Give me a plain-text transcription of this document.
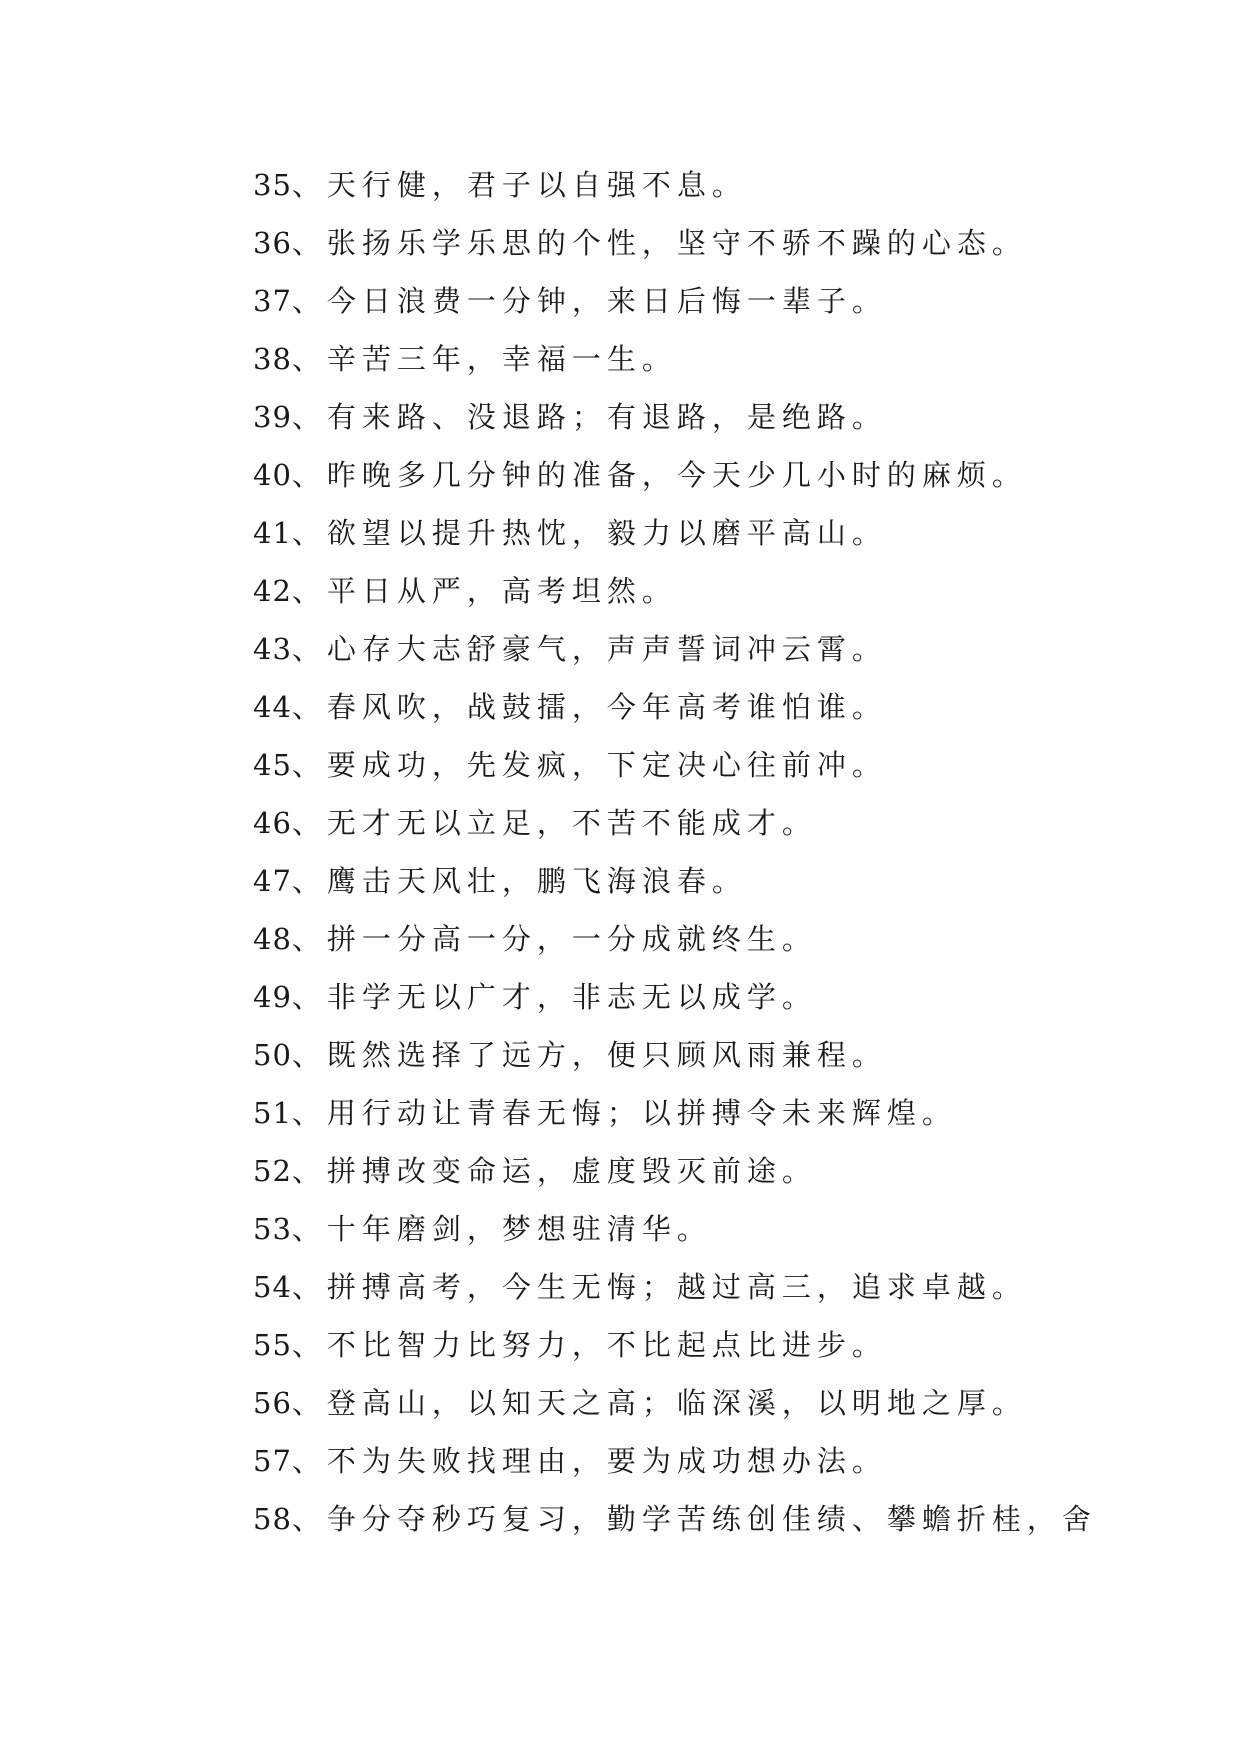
35、天行健，君子以自强不息。
36、张扬乐学乐思的个性，坚守不骄不躁的心态。
37、今日浪费一分钟，来日后悔一辈子。
38、辛苦三年，幸福一生。
39、有来路、没退路；有退路，是绝路。
40、昨晚多几分钟的准备，今天少几小时的麻烦。
41、欲望以提升热忱，毅力以磨平高山。
42、平日从严，高考坦然。
43、心存大志舒豪气，声声誓词冲云霄。
44、春风吹，战鼓擂，今年高考谁怕谁。
45、要成功，先发疯，下定决心往前冲。
46、无才无以立足，不苦不能成才。
47、鹰击天风壮，鹏飞海浪春。
48、拼一分高一分，一分成就终生。
49、非学无以广才，非志无以成学。
50、既然选择了远方，便只顾风雨兼程。
51、用行动让青春无悔；以拼搏令未来辉煌。
52、拼搏改变命运，虚度毁灭前途。
53、十年磨剑，梦想驻清华。
54、拼搏高考，今生无悔；越过高三，追求卓越。
55、不比智力比努力，不比起点比进步。
56、登高山，以知天之高；临深溪，以明地之厚。
57、不为失败找理由，要为成功想办法。
58、争分夺秒巧复习，勤学苦练创佳绩、攀蟾折桂，舍
